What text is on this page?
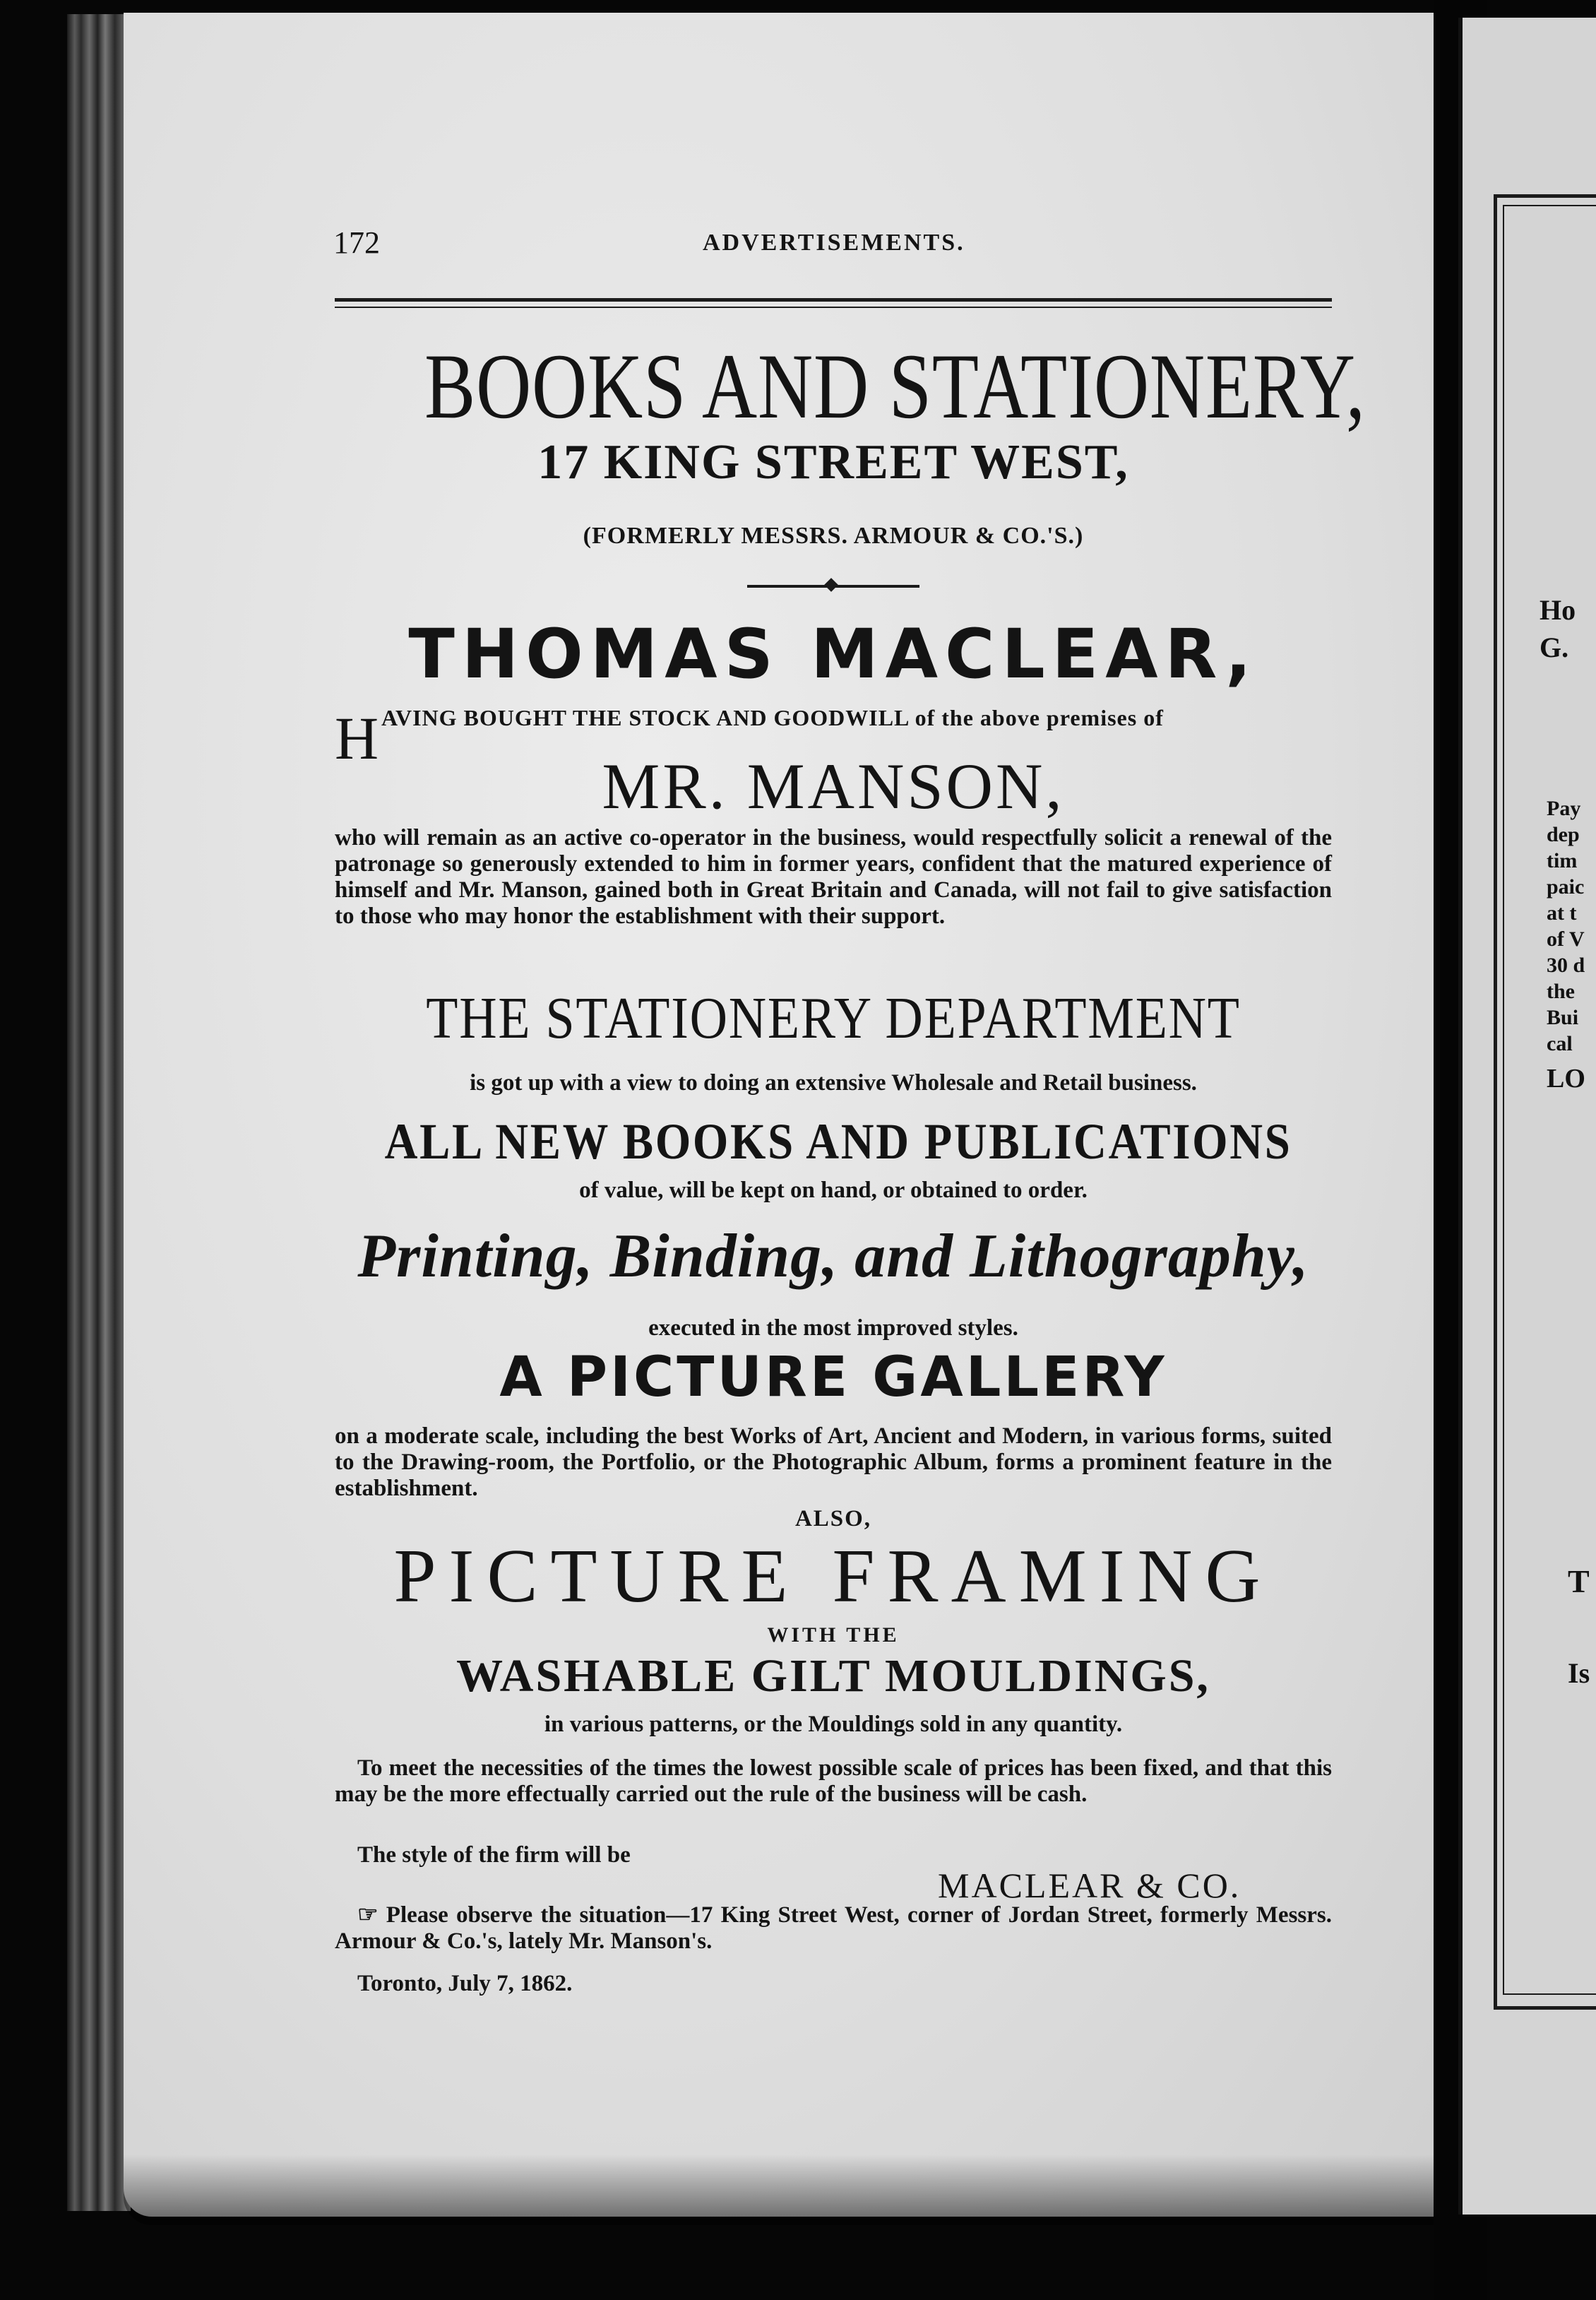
Ho
G.
Pay
dep
tim
paic
at t
of V
30 d
the
Bui
cal
LO
T
Is
172	ADVERTISEMENTS.
BOOKS AND STATIONERY,
17 KING STREET WEST,
(FORMERLY MESSRS. ARMOUR & CO.'S.)
THOMAS MACLEAR,
H AVING BOUGHT THE STOCK AND GOODWILL of the above premises of
MR. MANSON,
who will remain as an active co-operator in the business, would respectfully solicit a renewal of the patronage so generously extended to him in former years, confident that the matured experience of himself and Mr. Manson, gained both in Great Britain and Canada, will not fail to give satisfaction to those who may honor the establishment with their support.
THE STATIONERY DEPARTMENT
is got up with a view to doing an extensive Wholesale and Retail business.
ALL NEW BOOKS AND PUBLICATIONS
of value, will be kept on hand, or obtained to order.
Printing, Binding, and Lithography,
executed in the most improved styles.
A PICTURE GALLERY
on a moderate scale, including the best Works of Art, Ancient and Modern, in various forms, suited to the Drawing-room, the Portfolio, or the Photographic Album, forms a prominent feature in the establishment.
ALSO,
PICTURE FRAMING
WITH THE
WASHABLE GILT MOULDINGS,
in various patterns, or the Mouldings sold in any quantity.
To meet the necessities of the times the lowest possible scale of prices has been fixed, and that this may be the more effectually carried out the rule of the business will be cash.
The style of the firm will be
MACLEAR & CO.
☞ Please observe the situation—17 King Street West, corner of Jordan Street, formerly Messrs. Armour & Co.'s, lately Mr. Manson's.
Toronto, July 7, 1862.
